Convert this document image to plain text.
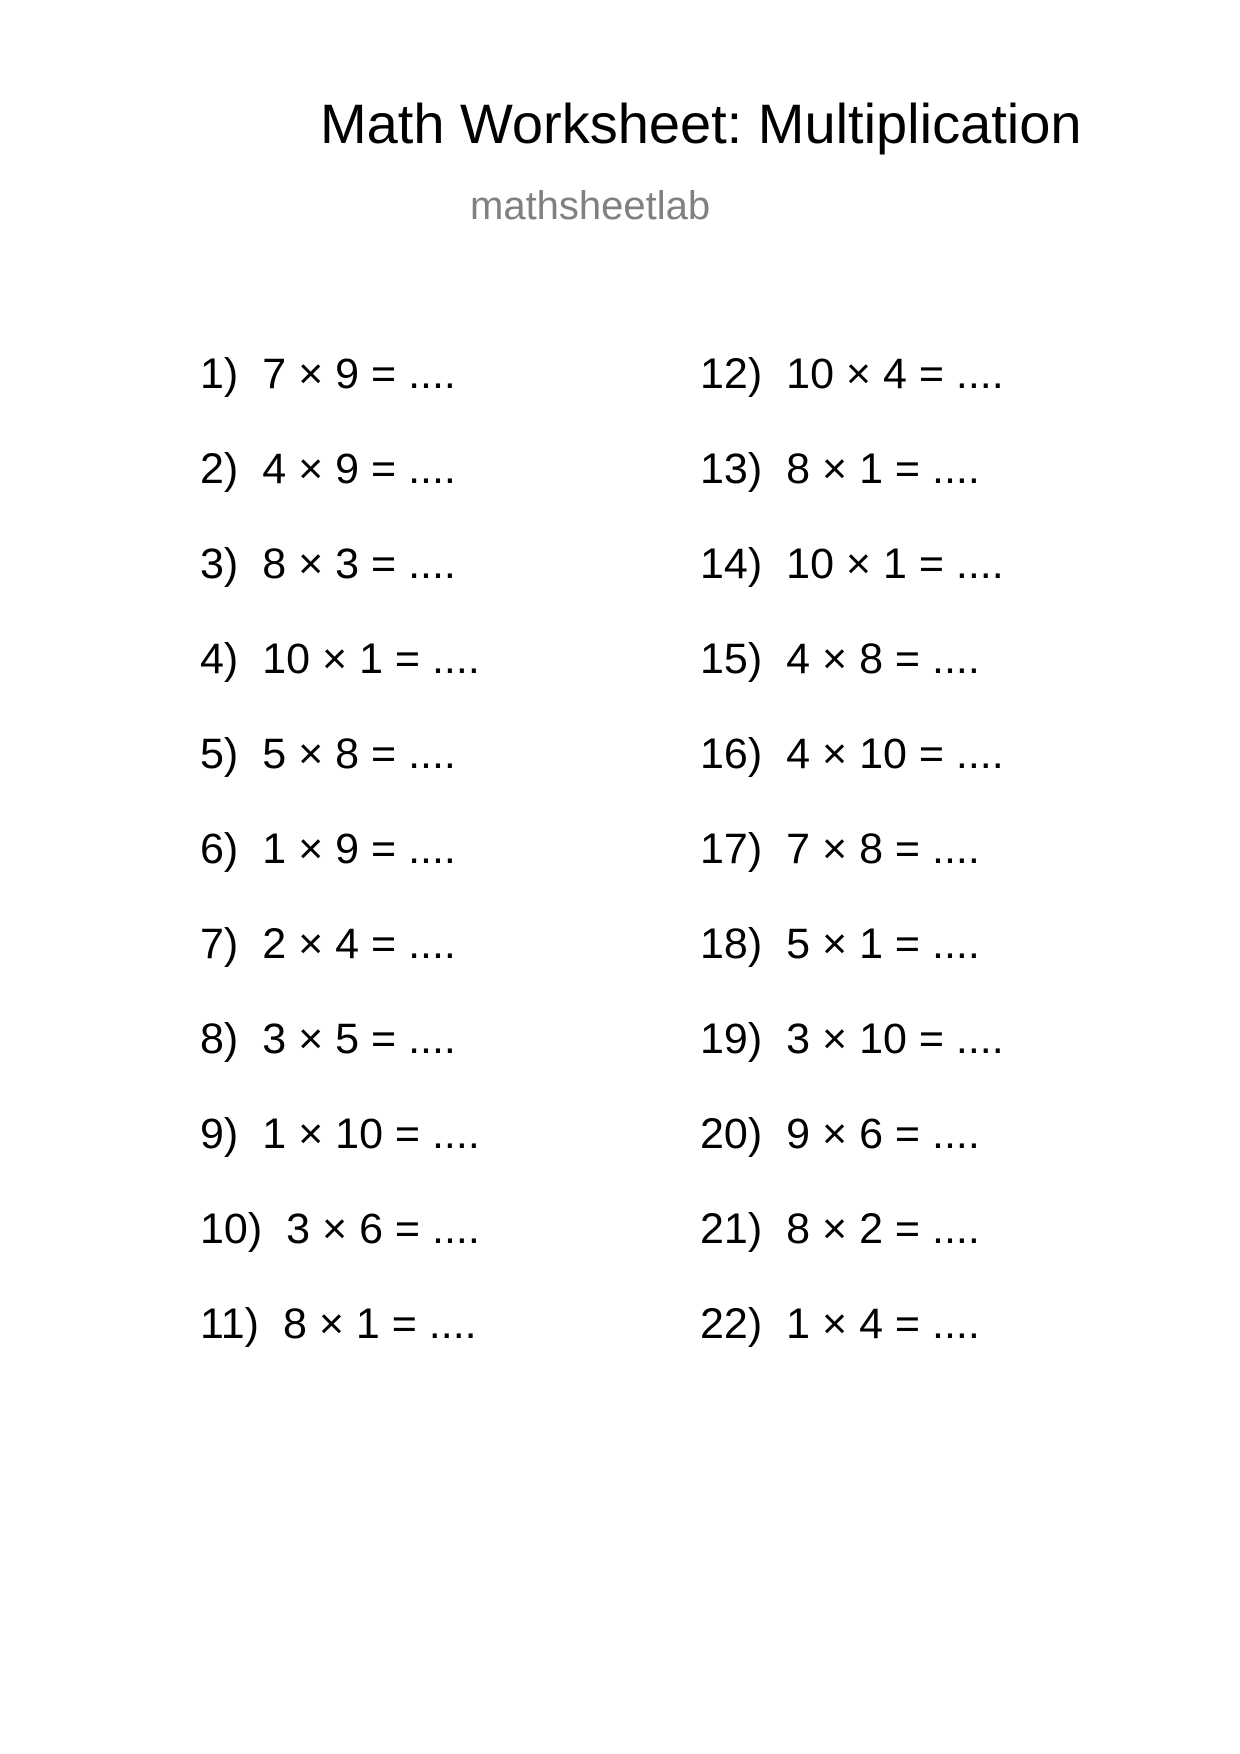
Math Worksheet: Multiplication
mathsheetlab
1) 7 × 9 = ....
2) 4 × 9 = ....
3) 8 × 3 = ....
4) 10 × 1 = ....
5) 5 × 8 = ....
6) 1 × 9 = ....
7) 2 × 4 = ....
8) 3 × 5 = ....
9) 1 × 10 = ....
10) 3 × 6 = ....
11) 8 × 1 = ....
12) 10 × 4 = ....
13) 8 × 1 = ....
14) 10 × 1 = ....
15) 4 × 8 = ....
16) 4 × 10 = ....
17) 7 × 8 = ....
18) 5 × 1 = ....
19) 3 × 10 = ....
20) 9 × 6 = ....
21) 8 × 2 = ....
22) 1 × 4 = ....
